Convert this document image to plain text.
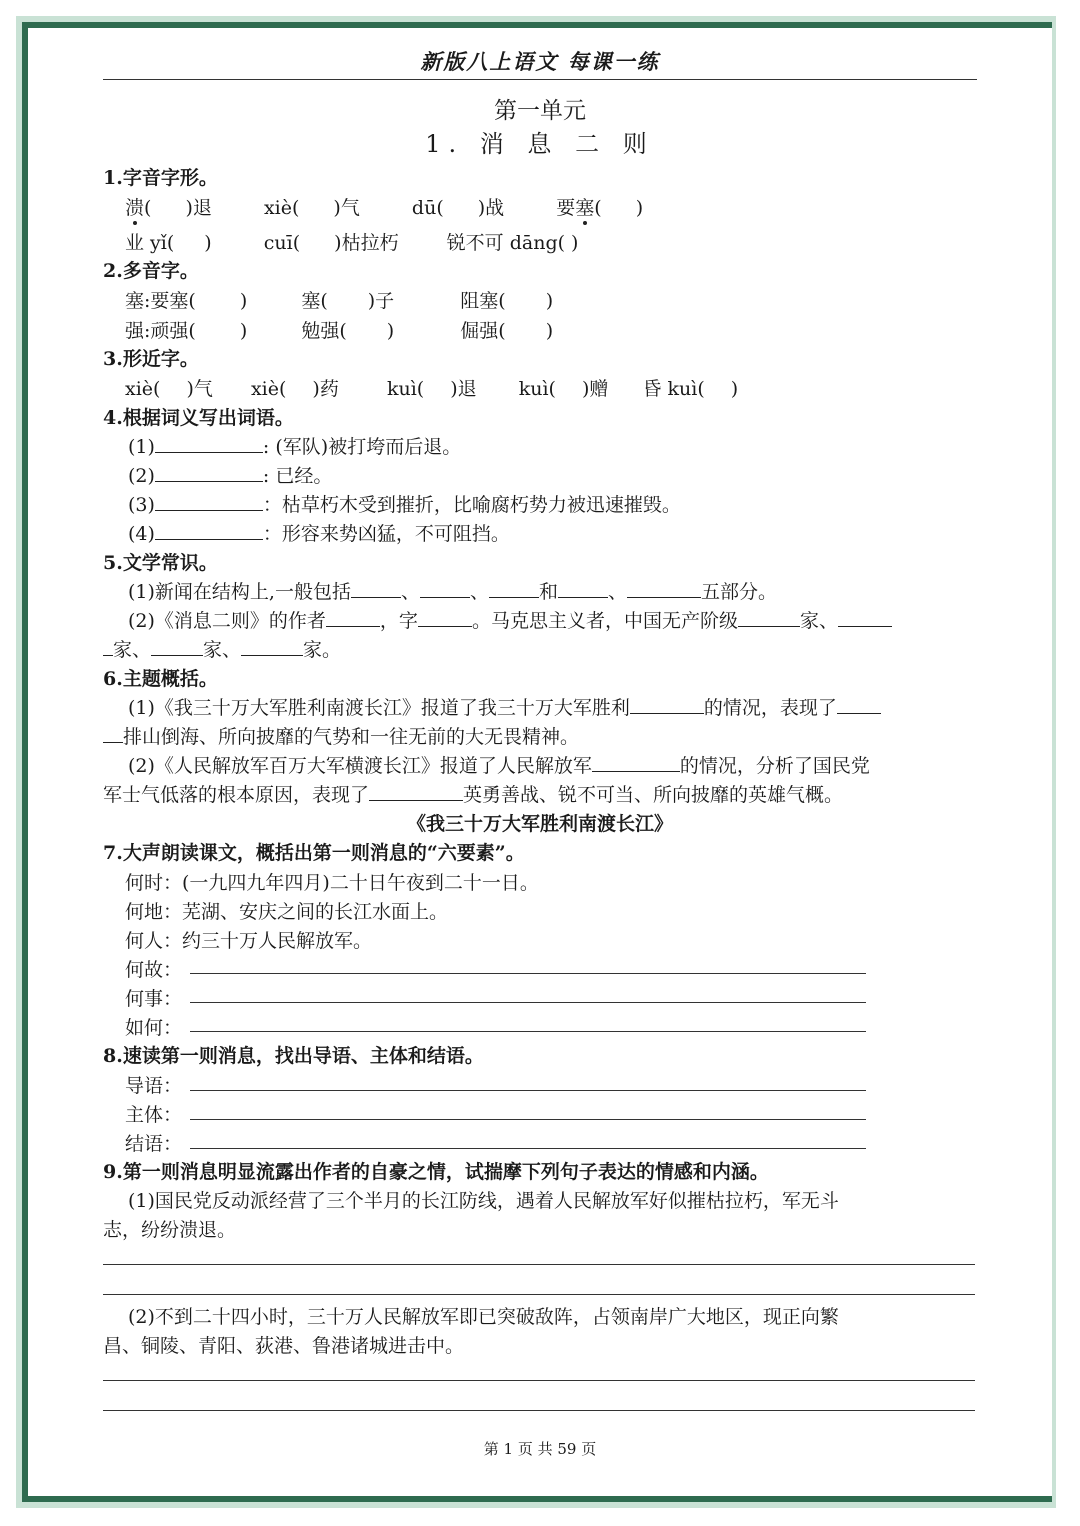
新版八上语文 每课一练
第一单元
1. 消 息 二 则
1.字音字形。
溃( )退	xiè( )气	dū( )战	要塞( )
业 yǐ( )	cuī( )枯拉朽	锐不可 dāng( )
2.多音字。
塞:要塞( )	塞( )子	阻塞( )
强:顽强( )	勉强( )	倔强( )
3.形近字。
xiè( )气 xiè( )药	kuì( )退 kuì( )赠 昏 kuì( )
4.根据词义写出词语。
(1)	: (军队)被打垮而后退。
(2)	: 已经。
(3)	：枯草朽木受到摧折，比喻腐朽势力被迅速摧毁。
(4)	：形容来势凶猛，不可阻挡。
5.文学常识。
(1)新闻在结构上,一般包括	、	、	和	、	五部分。
(2)《消息二则》的作者	，字	。马克思主义者，中国无产阶级	家、
家、	家、	家。
6.主题概括。
(1)《我三十万大军胜利南渡长江》报道了我三十万大军胜利	的情况，表现了
排山倒海、所向披靡的气势和一往无前的大无畏精神。
(2)《人民解放军百万大军横渡长江》报道了人民解放军	的情况，分析了国民党
军士气低落的根本原因，表现了	英勇善战、锐不可当、所向披靡的英雄气概。
《我三十万大军胜利南渡长江》
7.大声朗读课文，概括出第一则消息的“六要素”。
何时：(一九四九年四月)二十日午夜到二十一日。
何地：芜湖、安庆之间的长江水面上。
何人：约三十万人民解放军。
何故：
何事：
如何：
8.速读第一则消息，找出导语、主体和结语。
导语：
主体：
结语：
9.第一则消息明显流露出作者的自豪之情，试揣摩下列句子表达的情感和内涵。
(1)国民党反动派经营了三个半月的长江防线，遇着人民解放军好似摧枯拉朽，军无斗
志，纷纷溃退。
(2)不到二十四小时，三十万人民解放军即已突破敌阵，占领南岸广大地区，现正向繁
昌、铜陵、青阳、荻港、鲁港诸城进击中。
第 1 页 共 59 页
